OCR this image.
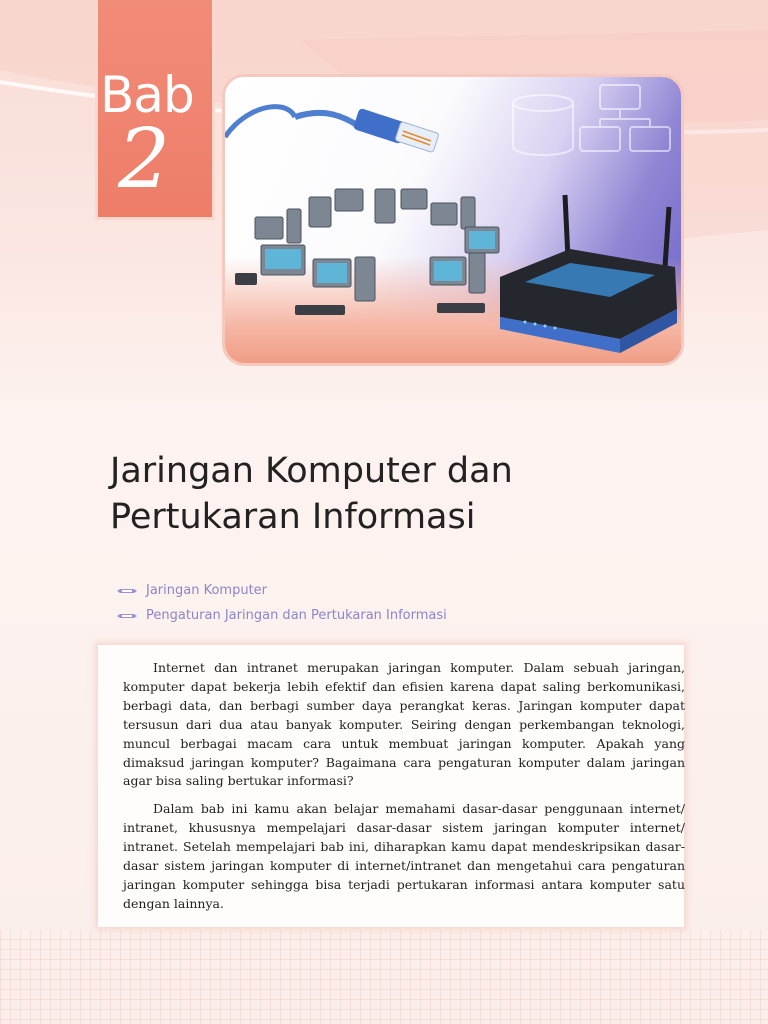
Bab
2
Jaringan Komputer dan
Pertukaran Informasi
Jaringan Komputer
Pengaturan Jaringan dan Pertukaran Informasi

Internet dan intranet merupakan jaringan komputer. Dalam sebuah jaringan, komputer dapat bekerja lebih efektif dan efisien karena dapat saling berkomunikasi, berbagi data, dan berbagi sumber daya perangkat keras. Jaringan komputer dapat tersusun dari dua atau banyak komputer. Seiring dengan perkembangan teknologi, muncul berbagai macam cara untuk membuat jaringan komputer. Apakah yang dimaksud jaringan komputer? Bagaimana cara pengaturan komputer dalam jaringan agar bisa saling bertukar informasi?

Dalam bab ini kamu akan belajar memahami dasar-dasar penggunaan internet/ intranet, khususnya mempelajari dasar-dasar sistem jaringan komputer internet/ intranet. Setelah mempelajari bab ini, diharapkan kamu dapat mendeskripsikan dasar-dasar sistem jaringan komputer di internet/intranet dan mengetahui cara pengaturan jaringan komputer sehingga bisa terjadi pertukaran informasi antara komputer satu dengan lainnya.
